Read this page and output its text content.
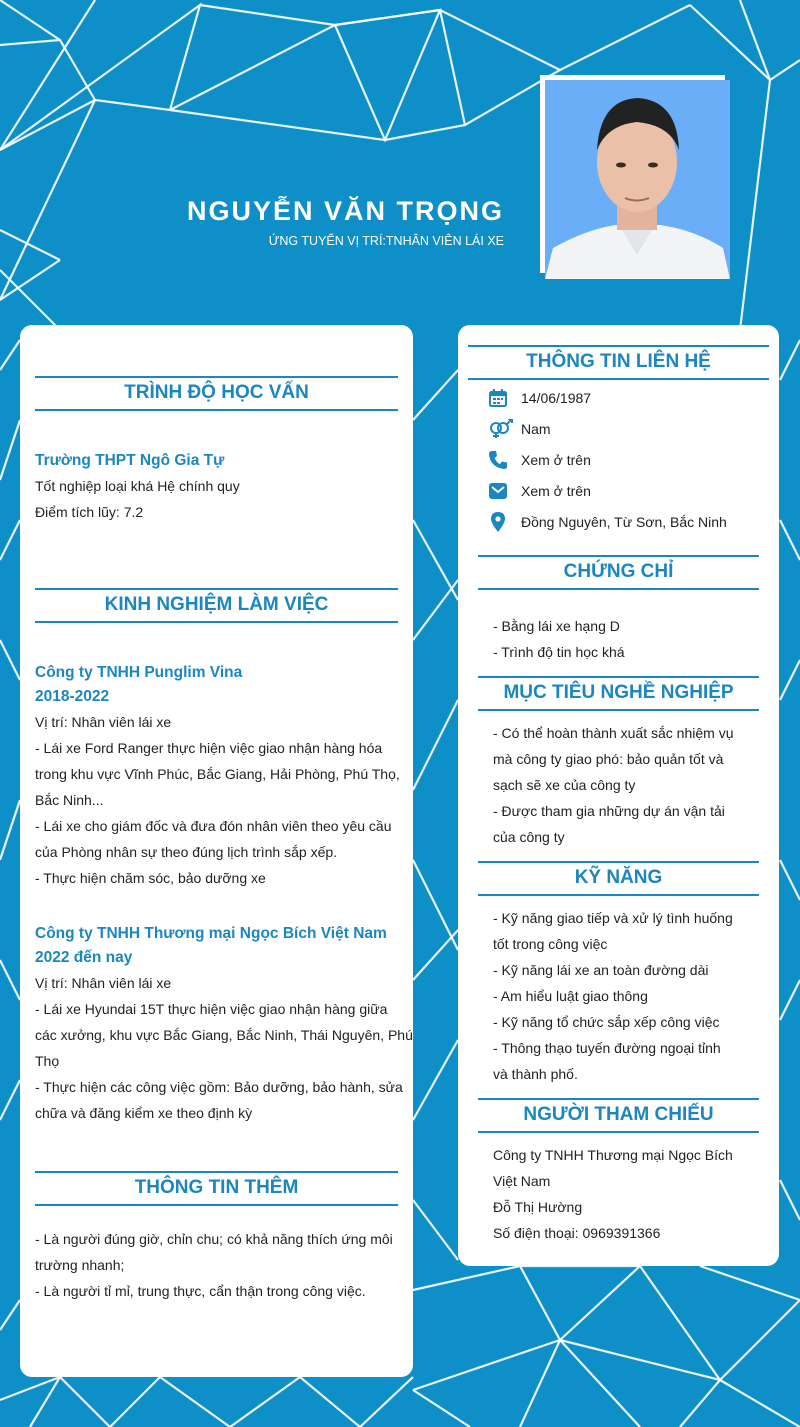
NGUYỄN VĂN TRỌNG
ỨNG TUYỂN VỊ TRÍ:TNHÂN VIÊN LÁI XE
TRÌNH ĐỘ HỌC VẤN
Trường THPT Ngô Gia Tự
Tốt nghiệp loại khá Hệ chính quy
Điểm tích lũy: 7.2
KINH NGHIỆM LÀM VIỆC
Công ty TNHH Punglim Vina
2018-2022
Vị trí: Nhân viên lái xe
- Lái xe Ford Ranger thực hiện việc giao nhận hàng hóa
trong khu vực Vĩnh Phúc, Bắc Giang, Hải Phòng, Phú Thọ,
Bắc Ninh...
- Lái xe cho giám đốc và đưa đón nhân viên theo yêu cầu
của Phòng nhân sự theo đúng lịch trình sắp xếp.
- Thực hiện chăm sóc, bảo dưỡng xe
Công ty TNHH Thương mại Ngọc Bích Việt Nam
2022 đến nay
Vị trí: Nhân viên lái xe
- Lái xe Hyundai 15T thực hiện việc giao nhận hàng giữa
các xưởng, khu vực Bắc Giang, Bắc Ninh, Thái Nguyên, Phú
Thọ
- Thực hiện các công việc gồm: Bảo dưỡng, bảo hành, sửa
chữa và đăng kiểm xe theo định kỳ
THÔNG TIN THÊM
- Là người đúng giờ, chỉn chu; có khả năng thích ứng môi
trường nhanh;
- Là người tỉ mỉ, trung thực, cẩn thận trong công việc.
THÔNG TIN LIÊN HỆ
14/06/1987
Nam
Xem ở trên
Xem ở trên
Đồng Nguyên, Từ Sơn, Bắc Ninh
CHỨNG CHỈ
- Bằng lái xe hạng D
- Trình độ tin học khá
MỤC TIÊU NGHỀ NGHIỆP
- Có thể hoàn thành xuất sắc nhiệm vụ
mà công ty giao phó: bảo quản tốt và
sạch sẽ xe của công ty
- Được tham gia những dự án vận tải
của công ty
KỸ NĂNG
- Kỹ năng giao tiếp và xử lý tình huống
tốt trong công việc
- Kỹ năng lái xe an toàn đường dài
- Am hiểu luật giao thông
- Kỹ năng tổ chức sắp xếp công việc
- Thông thạo tuyến đường ngoại tỉnh
và thành phố.
NGƯỜI THAM CHIẾU
Công ty TNHH Thương mại Ngọc Bích
Việt Nam
Đỗ Thị Hường
Số điện thoại: 0969391366
